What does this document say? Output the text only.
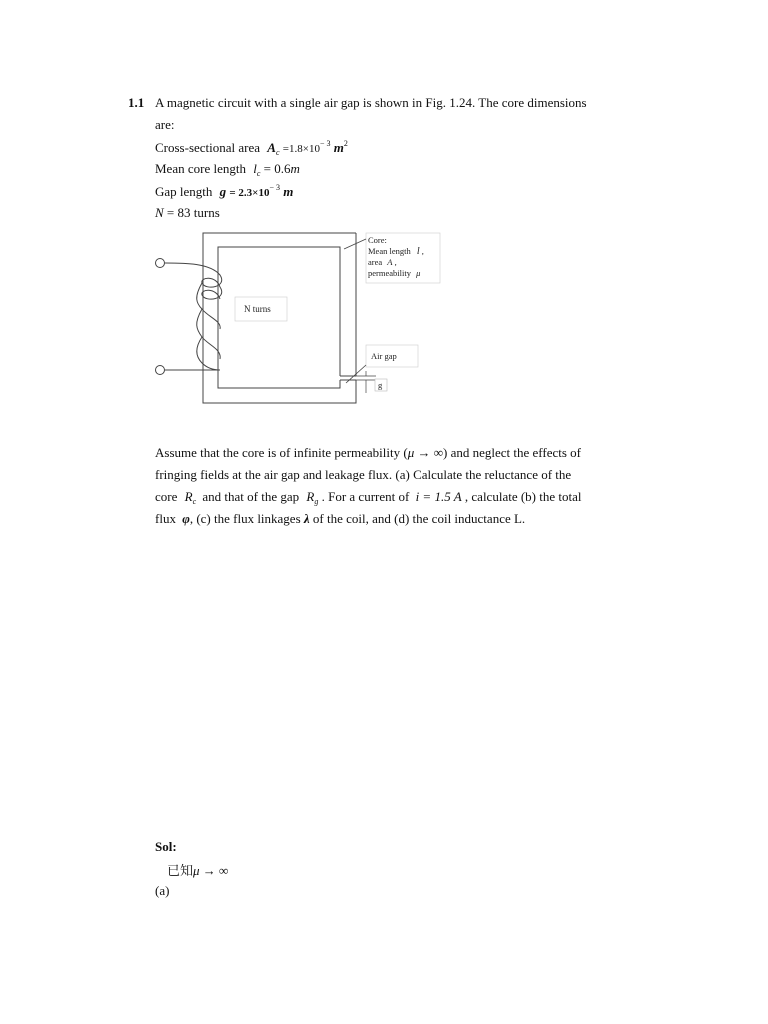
1.1 A magnetic circuit with a single air gap is shown in Fig. 1.24. The core dimensions
are:
Cross-sectional area $A_c =1.8\times 10^{- 3}$ $m^2$
Mean core length $l_c = 0.6m$
Gap length $g = 2.3\times 10^{- 3}$ m
N = 83 turns
N turns
Core:
Mean length l ,
area A ,
permeability μ
Air gap
g
Assume that the core is of infinite permeability (μ → ∞) and neglect the effects of
fringing fields at the air gap and leakage flux. (a) Calculate the reluctance of the
core $R_c$ and that of the gap $R_g$ . For a current of i = 1.5 A , calculate (b) the total
flux φ, (c) the flux linkages λ of the coil, and (d) the coil inductance L.
Sol:
已知μ → ∞
(a)
